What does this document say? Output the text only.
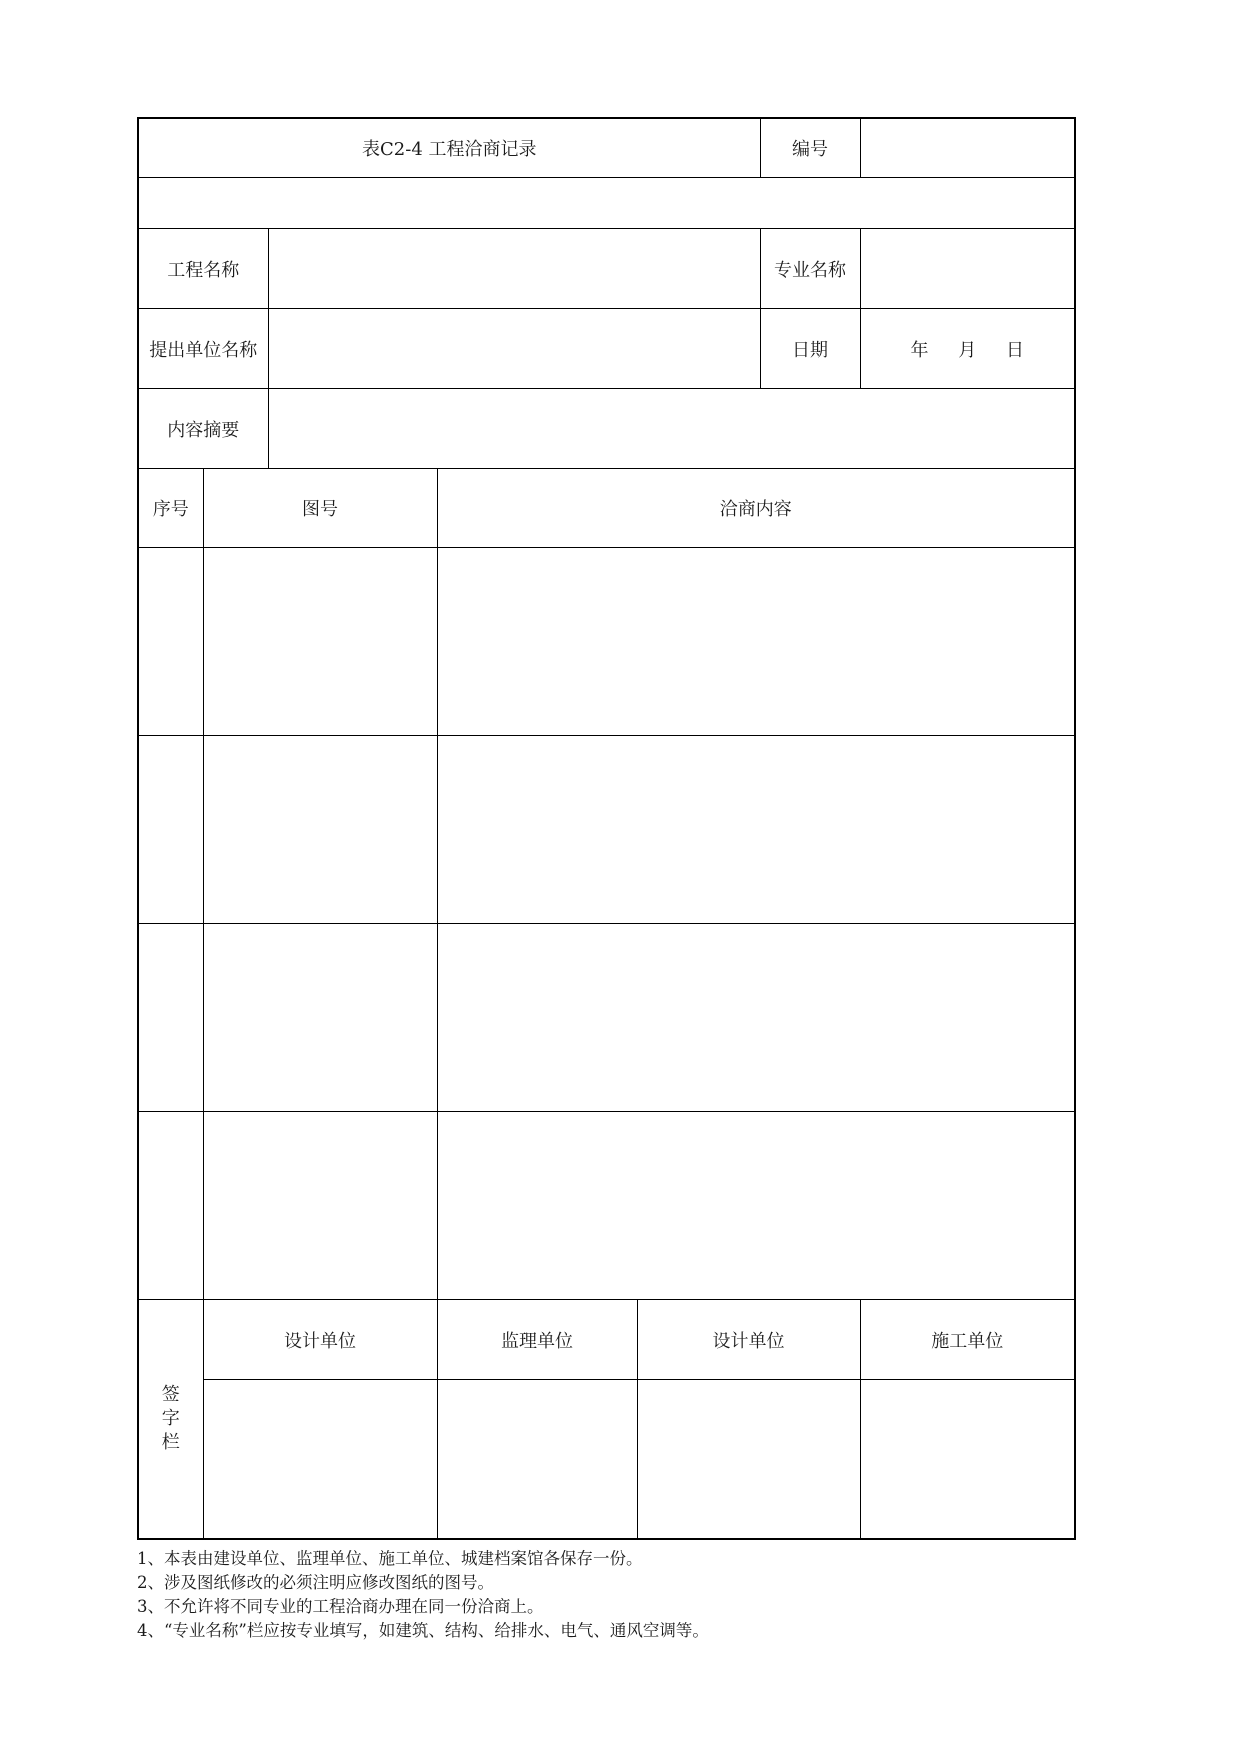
表C2-4 工程洽商记录					编号	

工程名称					专业名称	
提出单位名称					日期	年 月 日
内容摘要						
序号	图号		洽商内容			

签字栏	设计单位		监理单位	设计单位		施工单位

1、本表由建设单位、监理单位、施工单位、城建档案馆各保存一份。
2、涉及图纸修改的必须注明应修改图纸的图号。
3、不允许将不同专业的工程洽商办理在同一份洽商上。
4、“专业名称”栏应按专业填写，如建筑、结构、给排水、电气、通风空调等。
